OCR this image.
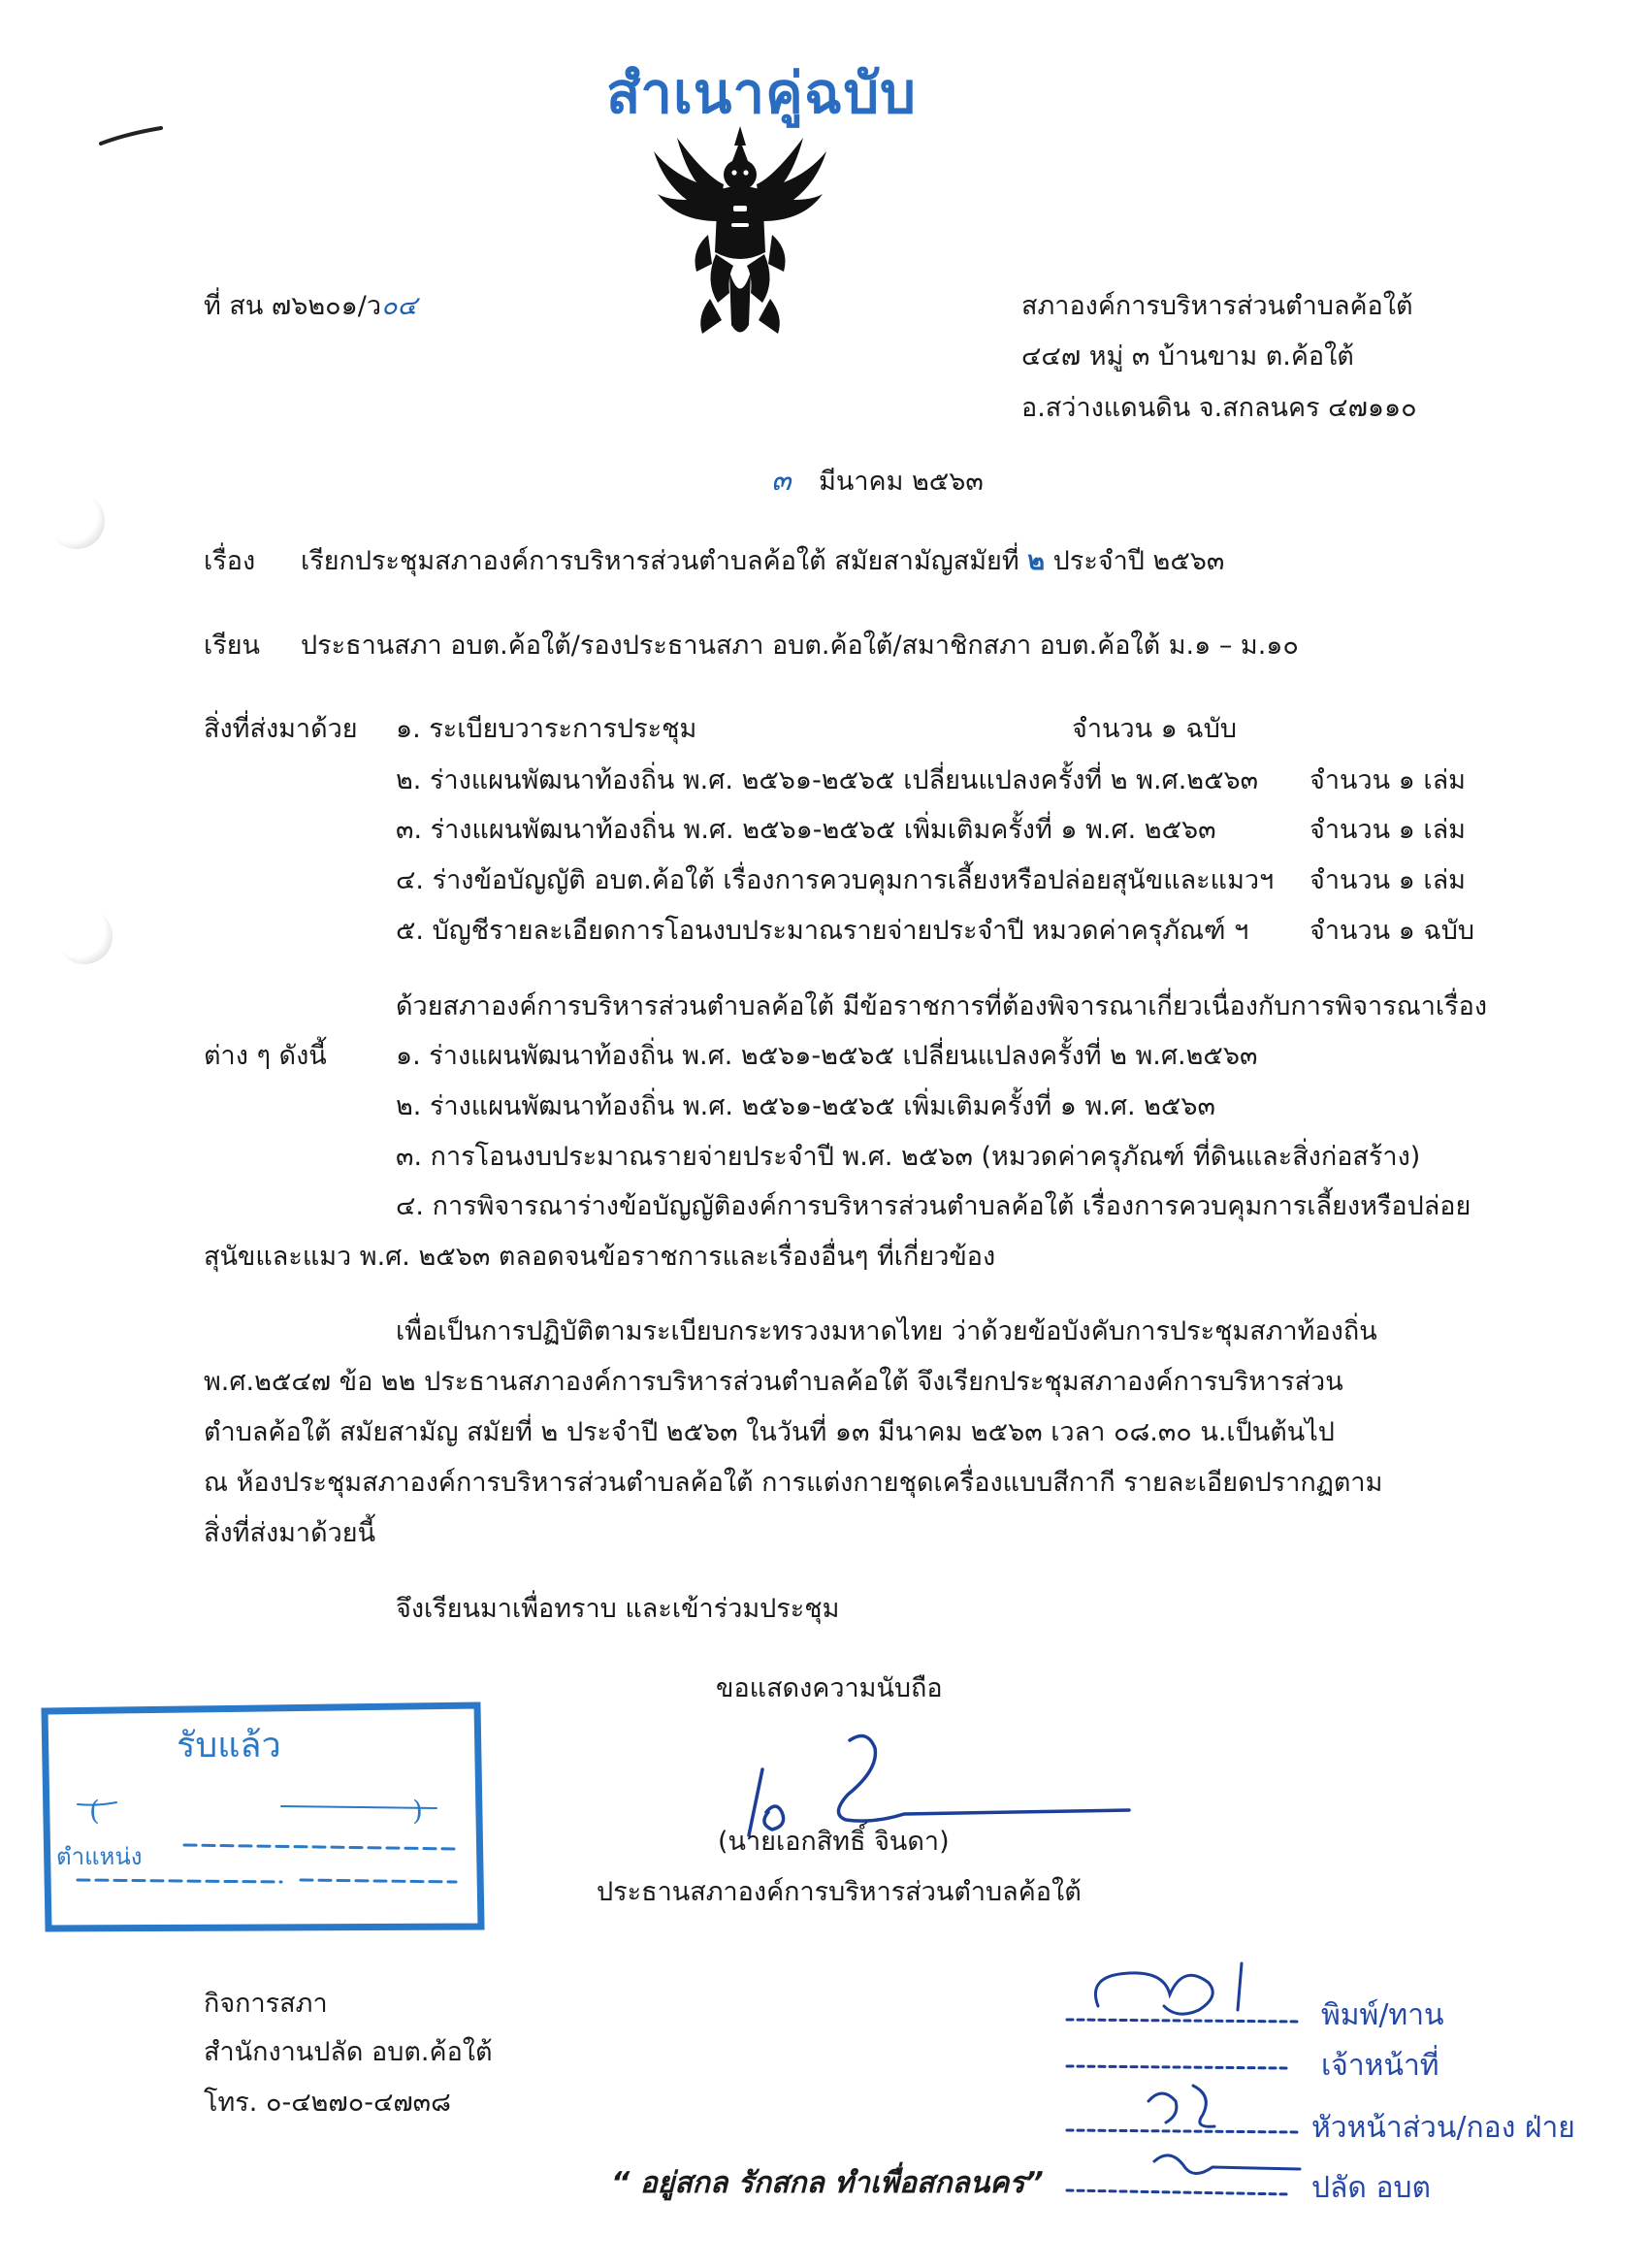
สำเนาคู่ฉบับ
ที่ สน ๗๖๒๐๑/ว๐๔	สภาองค์การบริหารส่วนตำบลค้อใต้
๔๔๗ หมู่ ๓ บ้านขาม ต.ค้อใต้
อ.สว่างแดนดิน จ.สกลนคร ๔๗๑๑๐
๓ มีนาคม ๒๕๖๓
เรื่อง เรียกประชุมสภาองค์การบริหารส่วนตำบลค้อใต้ สมัยสามัญสมัยที่ ๒ ประจำปี ๒๕๖๓
เรียน ประธานสภา อบต.ค้อใต้/รองประธานสภา อบต.ค้อใต้/สมาชิกสภา อบต.ค้อใต้ ม.๑ – ม.๑๐
สิ่งที่ส่งมาด้วย ๑. ระเบียบวาระการประชุม	จำนวน ๑ ฉบับ
๒. ร่างแผนพัฒนาท้องถิ่น พ.ศ. ๒๕๖๑-๒๕๖๕ เปลี่ยนแปลงครั้งที่ ๒ พ.ศ.๒๕๖๓ จำนวน ๑ เล่ม
๓. ร่างแผนพัฒนาท้องถิ่น พ.ศ. ๒๕๖๑-๒๕๖๕ เพิ่มเติมครั้งที่ ๑ พ.ศ. ๒๕๖๓	จำนวน ๑ เล่ม
๔. ร่างข้อบัญญัติ อบต.ค้อใต้ เรื่องการควบคุมการเลี้ยงหรือปล่อยสุนัขและแมวฯ จำนวน ๑ เล่ม
๕. บัญชีรายละเอียดการโอนงบประมาณรายจ่ายประจำปี หมวดค่าครุภัณฑ์ ฯ จำนวน ๑ ฉบับ
ด้วยสภาองค์การบริหารส่วนตำบลค้อใต้ มีข้อราชการที่ต้องพิจารณาเกี่ยวเนื่องกับการพิจารณาเรื่อง
ต่าง ๆ ดังนี้	๑. ร่างแผนพัฒนาท้องถิ่น พ.ศ. ๒๕๖๑-๒๕๖๕ เปลี่ยนแปลงครั้งที่ ๒ พ.ศ.๒๕๖๓
๒. ร่างแผนพัฒนาท้องถิ่น พ.ศ. ๒๕๖๑-๒๕๖๕ เพิ่มเติมครั้งที่ ๑ พ.ศ. ๒๕๖๓
๓. การโอนงบประมาณรายจ่ายประจำปี พ.ศ. ๒๕๖๓ (หมวดค่าครุภัณฑ์ ที่ดินและสิ่งก่อสร้าง)
๔. การพิจารณาร่างข้อบัญญัติองค์การบริหารส่วนตำบลค้อใต้ เรื่องการควบคุมการเลี้ยงหรือปล่อย
สุนัขและแมว พ.ศ. ๒๕๖๓ ตลอดจนข้อราชการและเรื่องอื่นๆ ที่เกี่ยวข้อง
เพื่อเป็นการปฏิบัติตามระเบียบกระทรวงมหาดไทย ว่าด้วยข้อบังคับการประชุมสภาท้องถิ่น
พ.ศ.๒๕๔๗ ข้อ ๒๒ ประธานสภาองค์การบริหารส่วนตำบลค้อใต้ จึงเรียกประชุมสภาองค์การบริหารส่วน
ตำบลค้อใต้ สมัยสามัญ สมัยที่ ๒ ประจำปี ๒๕๖๓ ในวันที่ ๑๓ มีนาคม ๒๕๖๓ เวลา ๐๘.๓๐ น.เป็นต้นไป
ณ ห้องประชุมสภาองค์การบริหารส่วนตำบลค้อใต้ การแต่งกายชุดเครื่องแบบสีกากี รายละเอียดปรากฏตาม
สิ่งที่ส่งมาด้วยนี้
จึงเรียนมาเพื่อทราบ และเข้าร่วมประชุม
ขอแสดงความนับถือ
(นายเอกสิทธิ์ จินดา)
ประธานสภาองค์การบริหารส่วนตำบลค้อใต้
รับแล้ว
(	)
ตำแหน่ง
กิจการสภา
สำนักงานปลัด อบต.ค้อใต้
โทร. ๐-๔๒๗๐-๔๗๓๘
“ อยู่สกล รักสกล ทำเพื่อสกลนคร”
พิมพ์/ทาน
เจ้าหน้าที่
หัวหน้าส่วน/กอง ฝ่าย
ปลัด อบต
